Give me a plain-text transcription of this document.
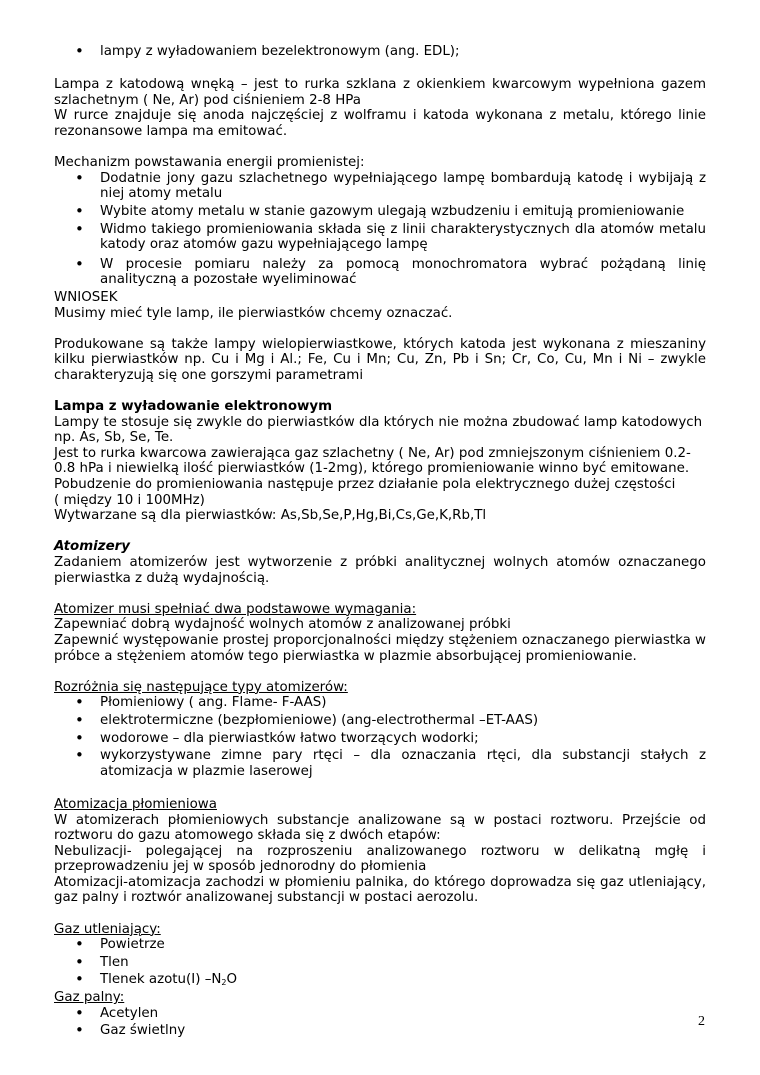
• lampy z wyładowaniem bezelektronowym (ang. EDL);

Lampa z katodową wnęką – jest to rurka szklana z okienkiem kwarcowym wypełniona gazem szlachetnym ( Ne, Ar) pod ciśnieniem 2-8 HPa

W rurce znajduje się anoda najczęściej z wolframu i katoda wykonana z metalu, którego linie rezonansowe lampa ma emitować.

Mechanizm powstawania energii promienistej:

• Dodatnie jony gazu szlachetnego wypełniającego lampę bombardują katodę i wybijają z niej atomy metalu
• Wybite atomy metalu w stanie gazowym ulegają wzbudzeniu i emitują promieniowanie
• Widmo takiego promieniowania składa się z linii charakterystycznych dla atomów metalu katody oraz atomów gazu wypełniającego lampę
• W procesie pomiaru należy za pomocą monochromatora wybrać pożądaną linię analityczną a pozostałe wyeliminować

WNIOSEK

Musimy mieć tyle lamp, ile pierwiastków chcemy oznaczać.

Produkowane są także lampy wielopierwiastkowe, których katoda jest wykonana z mieszaniny kilku pierwiastków np. Cu i Mg i Al.; Fe, Cu i Mn; Cu, Zn, Pb i Sn; Cr, Co, Cu, Mn i Ni – zwykle charakteryzują się one gorszymi parametrami

Lampa z wyładowanie elektronowym

Lampy te stosuje się zwykle do pierwiastków dla których nie można zbudować lamp katodowych np. As, Sb, Se, Te.

Jest to rurka kwarcowa zawierająca gaz szlachetny ( Ne, Ar) pod zmniejszonym ciśnieniem 0.2-0.8 hPa i niewielką ilość pierwiastków (1-2mg), którego promieniowanie winno być emitowane.

Pobudzenie do promieniowania następuje przez działanie pola elektrycznego dużej częstości

( między 10 i 100MHz)

Wytwarzane są dla pierwiastków: As,Sb,Se,P,Hg,Bi,Cs,Ge,K,Rb,Tl

Atomizery

Zadaniem atomizerów jest wytworzenie z próbki analitycznej wolnych atomów oznaczanego pierwiastka z dużą wydajnością.

Atomizer musi spełniać dwa podstawowe wymagania:

Zapewniać dobrą wydajność wolnych atomów z analizowanej próbki

Zapewnić występowanie prostej proporcjonalności między stężeniem oznaczanego pierwiastka w próbce a stężeniem atomów tego pierwiastka w plazmie absorbującej promieniowanie.

Rozróżnia się następujące typy atomizerów:

• Płomieniowy ( ang. Flame- F-AAS)
• elektrotermiczne (bezpłomieniowe) (ang-electrothermal –ET-AAS)
• wodorowe – dla pierwiastków łatwo tworzących wodorki;
• wykorzystywane zimne pary rtęci – dla oznaczania rtęci, dla substancji stałych z atomizacja w plazmie laserowej

Atomizacja płomieniowa

W atomizerach płomieniowych substancje analizowane są w postaci roztworu. Przejście od roztworu do gazu atomowego składa się z dwóch etapów:

Nebulizacji- polegającej na rozproszeniu analizowanego roztworu w delikatną mgłę i przeprowadzeniu jej w sposób jednorodny do płomienia

Atomizacji-atomizacja zachodzi w płomieniu palnika, do którego doprowadza się gaz utleniający, gaz palny i roztwór analizowanej substancji w postaci aerozolu.

Gaz utleniający:

• Powietrze
• Tlen
• Tlenek azotu(I) $-N_2O$

Gaz palny:

• Acetylen
• Gaz świetlny
2
